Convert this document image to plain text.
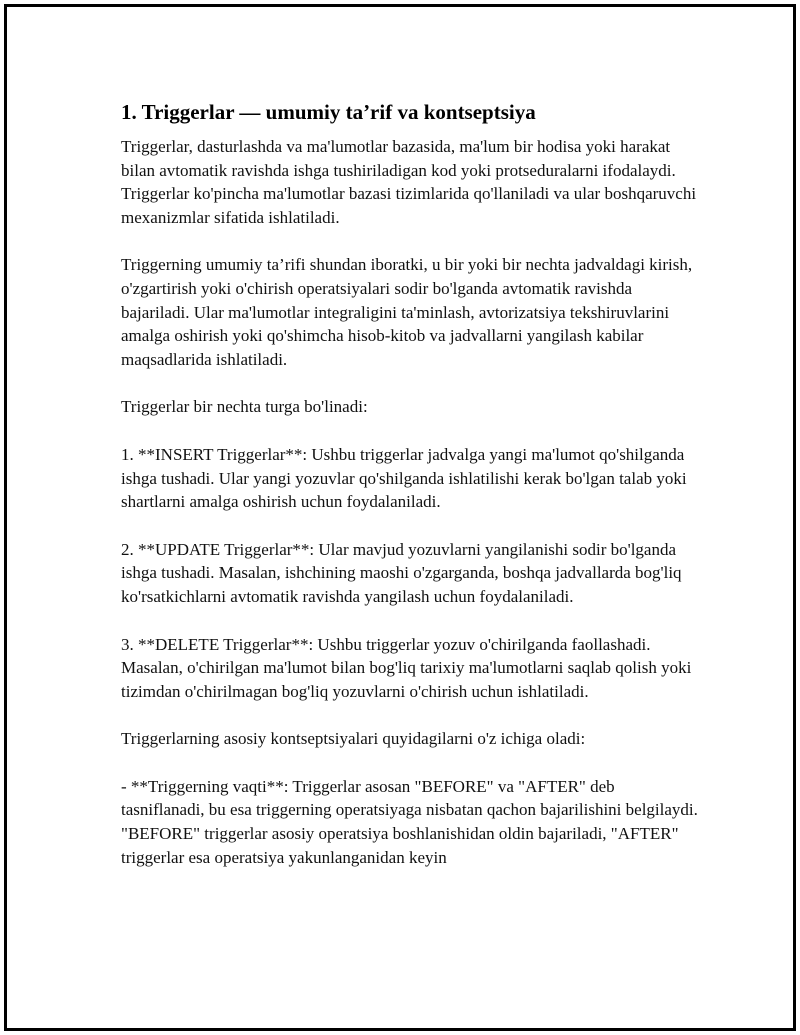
1. Triggerlar — umumiy ta’rif va kontseptsiya

Triggerlar, dasturlashda va ma'lumotlar bazasida, ma'lum bir hodisa yoki harakat bilan avtomatik ravishda ishga tushiriladigan kod yoki protseduralarni ifodalaydi. Triggerlar ko'pincha ma'lumotlar bazasi tizimlarida qo'llaniladi va ular boshqaruvchi mexanizmlar sifatida ishlatiladi.

Triggerning umumiy ta’rifi shundan iboratki, u bir yoki bir nechta jadvaldagi kirish, o'zgartirish yoki o'chirish operatsiyalari sodir bo'lganda avtomatik ravishda bajariladi. Ular ma'lumotlar integraligini ta'minlash, avtorizatsiya tekshiruvlarini amalga oshirish yoki qo'shimcha hisob-kitob va jadvallarni yangilash kabilar maqsadlarida ishlatiladi.

Triggerlar bir nechta turga bo'linadi:

1. **INSERT Triggerlar**: Ushbu triggerlar jadvalga yangi ma'lumot qo'shilganda ishga tushadi. Ular yangi yozuvlar qo'shilganda ishlatilishi kerak bo'lgan talab yoki shartlarni amalga oshirish uchun foydalaniladi.

2. **UPDATE Triggerlar**: Ular mavjud yozuvlarni yangilanishi sodir bo'lganda ishga tushadi. Masalan, ishchining maoshi o'zgarganda, boshqa jadvallarda bog'liq ko'rsatkichlarni avtomatik ravishda yangilash uchun foydalaniladi.

3. **DELETE Triggerlar**: Ushbu triggerlar yozuv o'chirilganda faollashadi. Masalan, o'chirilgan ma'lumot bilan bog'liq tarixiy ma'lumotlarni saqlab qolish yoki tizimdan o'chirilmagan bog'liq yozuvlarni o'chirish uchun ishlatiladi.

Triggerlarning asosiy kontseptsiyalari quyidagilarni o'z ichiga oladi:

- **Triggerning vaqti**: Triggerlar asosan "BEFORE" va "AFTER" deb tasniflanadi, bu esa triggerning operatsiyaga nisbatan qachon bajarilishini belgilaydi. "BEFORE" triggerlar asosiy operatsiya boshlanishidan oldin bajariladi, "AFTER" triggerlar esa operatsiya yakunlanganidan keyin
